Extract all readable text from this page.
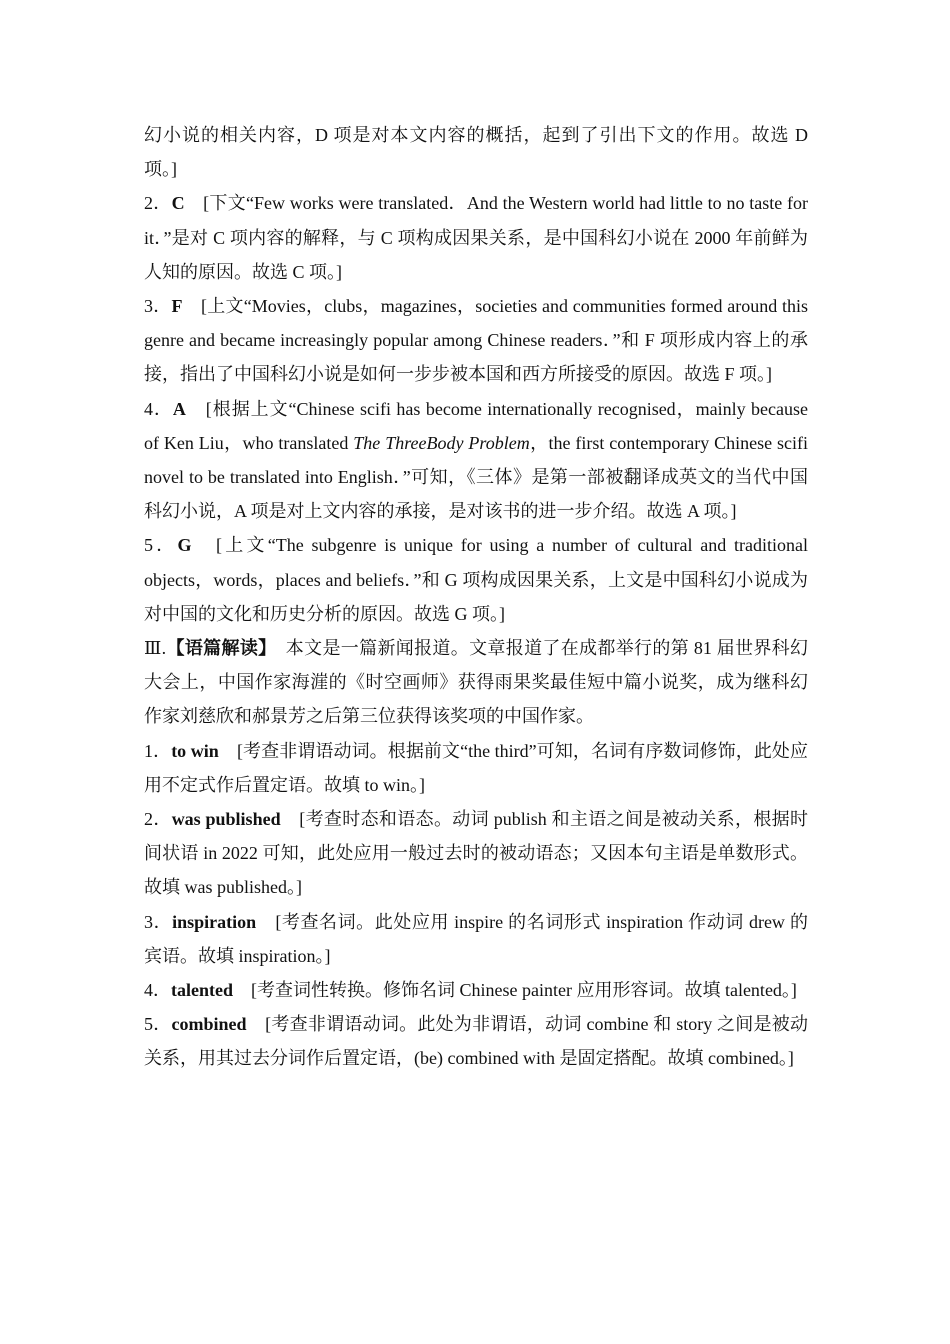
幻小说的相关内容，D 项是对本文内容的概括，起到了引出下文的作用。故选 D 项。]

2．C　[下文“Few works were translated．And the Western world had little to no taste for it．”是对 C 项内容的解释，与 C 项构成因果关系，是中国科幻小说在 2000 年前鲜为人知的原因。故选 C 项。]

3．F　[上文“Movies，clubs，magazines，societies and communities formed around this genre and became increasingly popular among Chinese readers．”和 F 项形成内容上的承接，指出了中国科幻小说是如何一步步被本国和西方所接受的原因。故选 F 项。]

4．A　[根据上文“Chinese scifi has become internationally recognised，mainly because of Ken Liu，who translated The ThreeBody Problem，the first contemporary Chinese scifi novel to be translated into English．”可知，《三体》是第一部被翻译成英文的当代中国科幻小说，A 项是对上文内容的承接，是对该书的进一步介绍。故选 A 项。]

5．G　[上文“The subgenre is unique for using a number of cultural and traditional objects，words，places and beliefs．”和 G 项构成因果关系，上文是中国科幻小说成为对中国的文化和历史分析的原因。故选 G 项。]

Ⅲ.【语篇解读】　本文是一篇新闻报道。文章报道了在成都举行的第 81 届世界科幻大会上，中国作家海漄的《时空画师》获得雨果奖最佳短中篇小说奖，成为继科幻作家刘慈欣和郝景芳之后第三位获得该奖项的中国作家。

1．to win　[考查非谓语动词。根据前文“the third”可知，名词有序数词修饰，此处应用不定式作后置定语。故填 to win。]

2．was published　[考查时态和语态。动词 publish 和主语之间是被动关系，根据时间状语 in 2022 可知，此处应用一般过去时的被动语态；又因本句主语是单数形式。故填 was published。]

3．inspiration　[考查名词。此处应用 inspire 的名词形式 inspiration 作动词 drew 的宾语。故填 inspiration。]

4．talented　[考查词性转换。修饰名词 Chinese painter 应用形容词。故填 talented。]

5．combined　[考查非谓语动词。此处为非谓语，动词 combine 和 story 之间是被动关系，用其过去分词作后置定语，(be) combined with 是固定搭配。故填 combined。]
